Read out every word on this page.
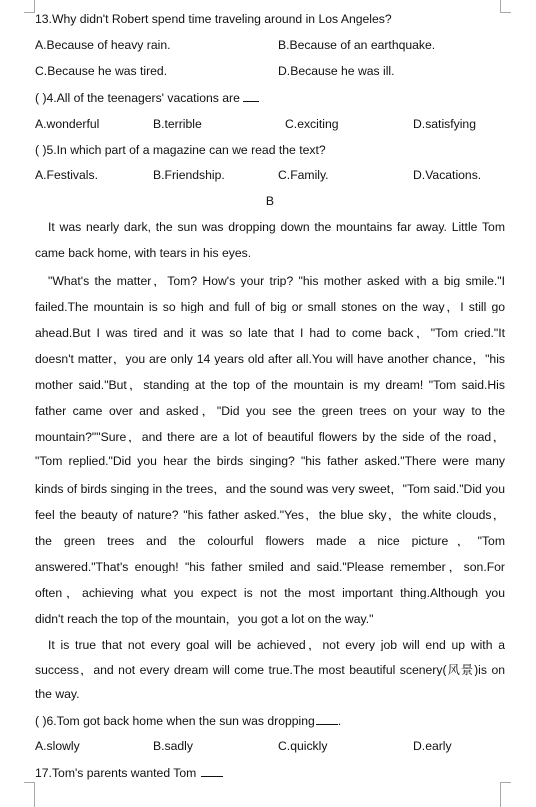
13.Why didn't Robert spend time traveling around in Los Angeles?
A.Because of heavy rain.	B.Because of an earthquake.
C.Because he was tired.	D.Because he was ill.
( )4.All of the teenagers' vacations are
A.wonderful	B.terrible	C.exciting	D.satisfying
( )5.In which part of a magazine can we read the text?
A.Festivals.	B.Friendship.	C.Family.	D.Vacations.
B
It was nearly dark, the sun was dropping down the mountains far away. Little Tom
came back home, with tears in his eyes.
"What's the matter，Tom? How's your trip? "his mother asked with a big smile."I
failed.The mountain is so high and full of big or small stones on the way，I still go
ahead.But I was tired and it was so late that I had to come back，"Tom cried."It
doesn't matter，you are only 14 years old after all.You will have another chance，"his
mother said."But，standing at the top of the mountain is my dream! "Tom said.His
father came over and asked，"Did you see the green trees on your way to the
mountain?""Sure，and there are a lot of beautiful flowers by the side of the road，
"Tom replied."Did you hear the birds singing? "his father asked."There were many
kinds of birds singing in the trees，and the sound was very sweet，"Tom said."Did you
feel the beauty of nature? "his father asked."Yes，the blue sky，the white clouds，
the green trees and the colourful flowers made a nice picture，"Tom
answered."That's enough! "his father smiled and said."Please remember，son.For
often，achieving what you expect is not the most important thing.Although you
didn't reach the top of the mountain，you got a lot on the way."
It is true that not every goal will be achieved，not every job will end up with a
success，and not every dream will come true.The most beautiful scenery(风景)is on
the way.
( )6.Tom got back home when the sun was dropping .
A.slowly	B.sadly	C.quickly	D.early
17.Tom's parents wanted Tom
